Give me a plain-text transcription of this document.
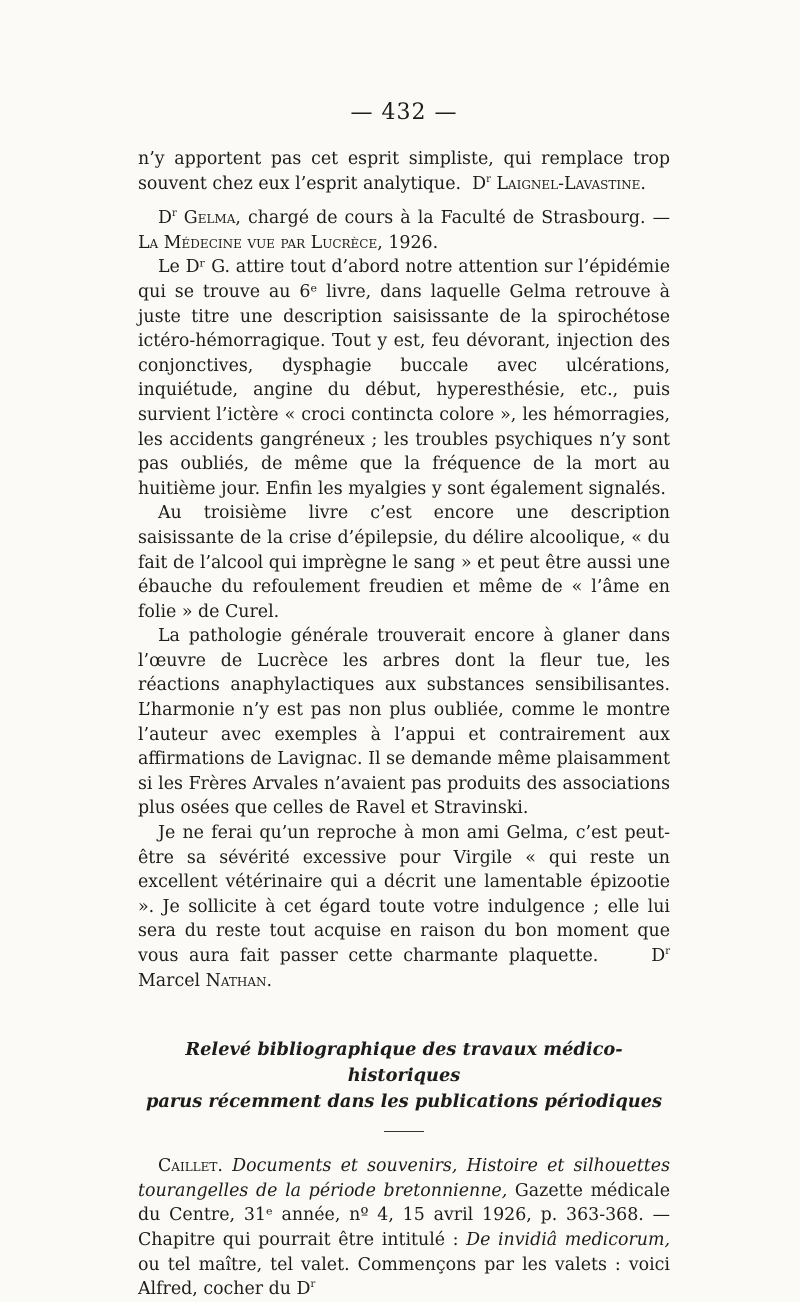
— 432 —

n’y apportent pas cet esprit simpliste, qui remplace trop souvent chez eux l’esprit analytique. $D^r$ Laignel-Lavastine.

$D^r$ Gelma, chargé de cours à la Faculté de Strasbourg. — La Médecine vue par Lucrèce, 1926.

Le Dʳ G. attire tout d’abord notre attention sur l’épidémie qui se trouve au 6ᵉ livre, dans laquelle Gelma retrouve à juste titre une description saisissante de la spirochétose ictéro-hémorragique. Tout y est, feu dévorant, injection des conjonctives, dysphagie buccale avec ulcérations, inquiétude, angine du début, hyperesthésie, etc., puis survient l’ictère « croci contincta colore », les hémorragies, les accidents gangréneux ; les troubles psychiques n’y sont pas oubliés, de même que la fréquence de la mort au huitième jour. Enfin les myalgies y sont également signalés.

Au troisième livre c’est encore une description saisissante de la crise d’épilepsie, du délire alcoolique, « du fait de l’alcool qui imprègne le sang » et peut être aussi une ébauche du refoulement freudien et même de « l’âme en folie » de Curel.

La pathologie générale trouverait encore à glaner dans l’œuvre de Lucrèce les arbres dont la fleur tue, les réactions anaphylactiques aux substances sensibilisantes. L’harmonie n’y est pas non plus oubliée, comme le montre l’auteur avec exemples à l’appui et contrairement aux affirmations de Lavignac. Il se demande même plaisamment si les Frères Arvales n’avaient pas produits des associations plus osées que celles de Ravel et Stravinski.

Je ne ferai qu’un reproche à mon ami Gelma, c’est peut-être sa sévérité excessive pour Virgile « qui reste un excellent vétérinaire qui a décrit une lamentable épizootie ». Je sollicite à cet égard toute votre indulgence ; elle lui sera du reste tout acquise en raison du bon moment que vous aura fait passer cette charmante plaquette.	$D^r$ Marcel Nathan.

Relevé bibliographique des travaux médico-historiques
parus récemment dans les publications périodiques

Caillet. Documents et souvenirs, Histoire et silhouettes tourangelles de la période bretonnienne, Gazette médicale du Centre, 31ᵉ année, nº 4, 15 avril 1926, p. 363-368. — Chapitre qui pourrait être intitulé : De invidiâ medicorum, ou tel maître, tel valet. Commençons par les valets : voici Alfred, cocher du $D^r$
